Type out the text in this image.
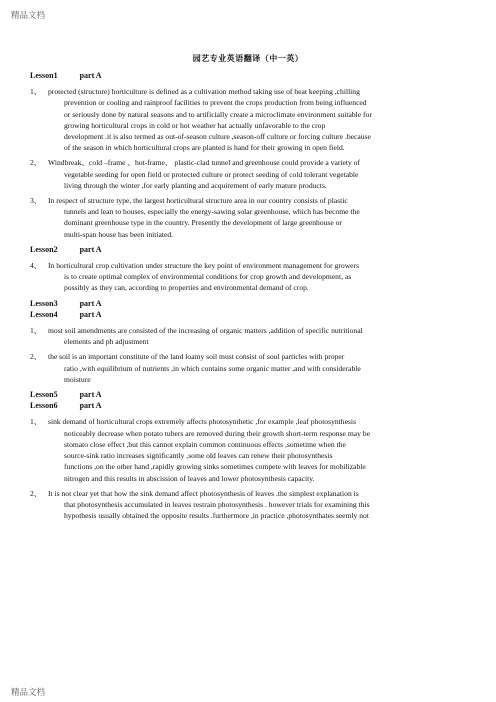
精品文档
园艺专业英语翻译（中一英）
Lesson1	part A
1、 protected (structure) horticulture is defined as a cultivation method taking use of heat keeping ,chilling
prevention or cooling and rainproof facilities to prevent the crops production from being influenced
or seriously done by natural seasons and to artificially create a microclimate environment suitable for
growing horticultural crops in cold or hot weather hat actually unfavorable to the crop
development .it is also termed as out-of-season culture ,season-off culture or forcing culture .because
of the season in which horticultural crops are planted is hand for their growing in open field.
2、 Windbreak、cold –frame 、hot-frame、 plastic-clad tunnel and greenhouse could provide a variety of
vegetable seeding for open field or protected culture or protect seeding of cold tolerant vegetable
living through the winter ,for early planting and acquirement of early mature products.
3、 In respect of structure type, the largest horticultural structure area in our country consists of plastic
tunnels and lean to houses, especially the energy-sawing solar greenhouse, which has become the
dominant greenhouse type in the country. Presently the development of large greenhouse or
multi-span house has been initiated.
Lesson2	part A
4、 In horticultural crop cultivation under structure the key point of environment management for growers
is to create optimal complex of environmental conditions for crop growth and development, as
possibly as they can, according to properties and environmental demand of crop.
Lesson3	part A
Lesson4	part A
1、 most soil amendments are consisted of the increasing of organic matters ,addition of specific nutritional
elements and ph adjustment
2、 the soil is an important constitute of the land loamy soil must consist of soul particles with proper
ratio ,with equilibrium of nutrients ,in which contains some organic matter ,and with considerable
moisture
Lesson5	part A
Lesson6	part A
1、 sink demand of horticultural crops extremely affects photosynthetic ,for example ,leaf photosynthesis
noticeably decrease when potato tubers are removed during their growth short-term response may be
stomato close effect ,but this cannot explain common continuous effects ,sometime when the
source-sink ratio increases significantly ,some old leaves can renew their photosynthesis
functions ,on the other hand ,rapidly growing sinks sometimes compete with leaves for mobilizable
nitrogen and this results in abscission of leaves and lower photosynthesis capacity.
2、 It is not clear yet that how the sink demand affect photosynthesis of leaves .the simplest explanation is
that photosynthesis accumulated in leaves restrain photosynthesis . however trials for examining this
hypothesis usually obtained the opposite results .furthermore ,in practice ,photosynthates seemly not
精品文档
